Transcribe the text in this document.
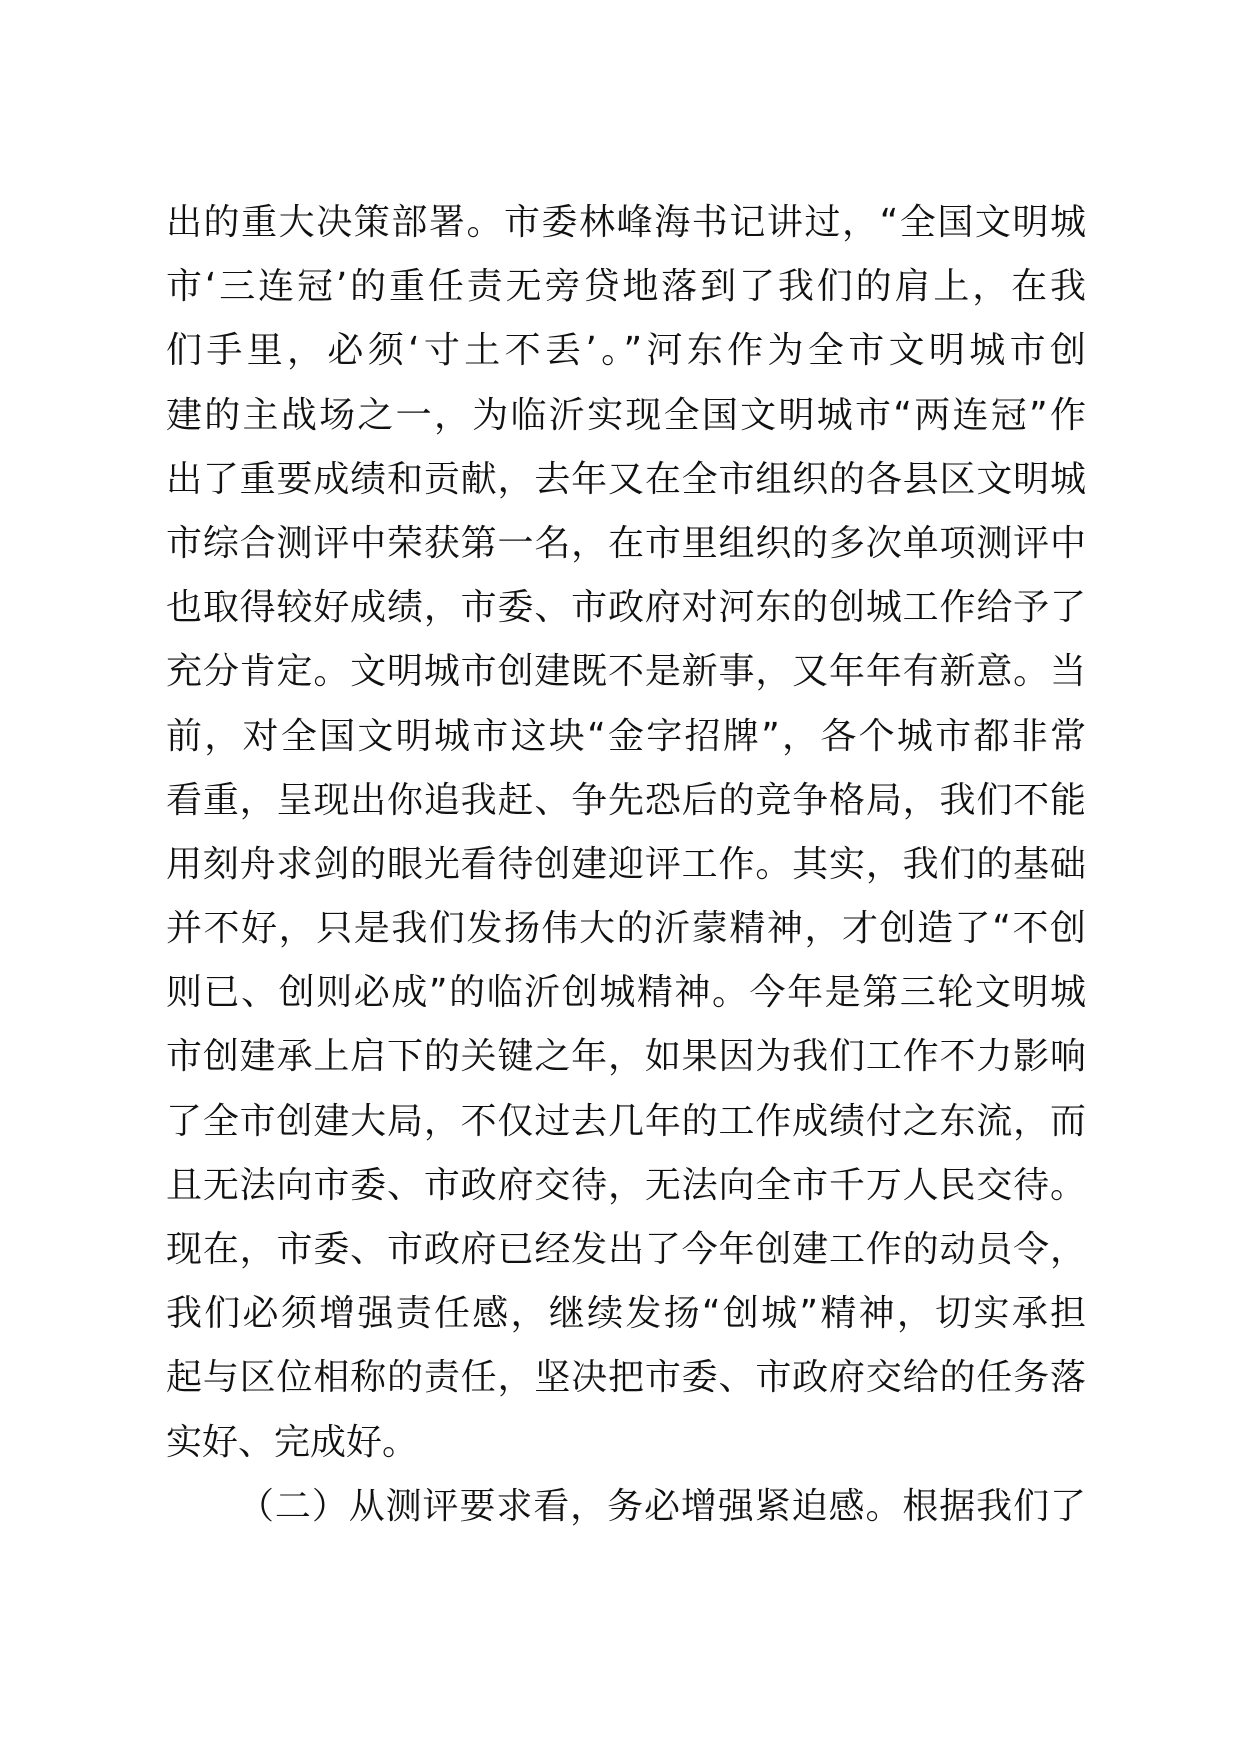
出的重大决策部署。市委林峰海书记讲过，“全国文明城
市‘三连冠’的重任责无旁贷地落到了我们的肩上，在我
们手里，必须‘寸土不丢’。”河东作为全市文明城市创
建的主战场之一，为临沂实现全国文明城市“两连冠”作
出了重要成绩和贡献，去年又在全市组织的各县区文明城
市综合测评中荣获第一名，在市里组织的多次单项测评中
也取得较好成绩，市委、市政府对河东的创城工作给予了
充分肯定。文明城市创建既不是新事，又年年有新意。当
前，对全国文明城市这块“金字招牌”，各个城市都非常
看重，呈现出你追我赶、争先恐后的竞争格局，我们不能
用刻舟求剑的眼光看待创建迎评工作。其实，我们的基础
并不好，只是我们发扬伟大的沂蒙精神，才创造了“不创
则已、创则必成”的临沂创城精神。今年是第三轮文明城
市创建承上启下的关键之年，如果因为我们工作不力影响
了全市创建大局，不仅过去几年的工作成绩付之东流，而
且无法向市委、市政府交待，无法向全市千万人民交待。
现在，市委、市政府已经发出了今年创建工作的动员令，
我们必须增强责任感，继续发扬“创城”精神，切实承担
起与区位相称的责任，坚决把市委、市政府交给的任务落
实好、完成好。
（二）从测评要求看，务必增强紧迫感。根据我们了
